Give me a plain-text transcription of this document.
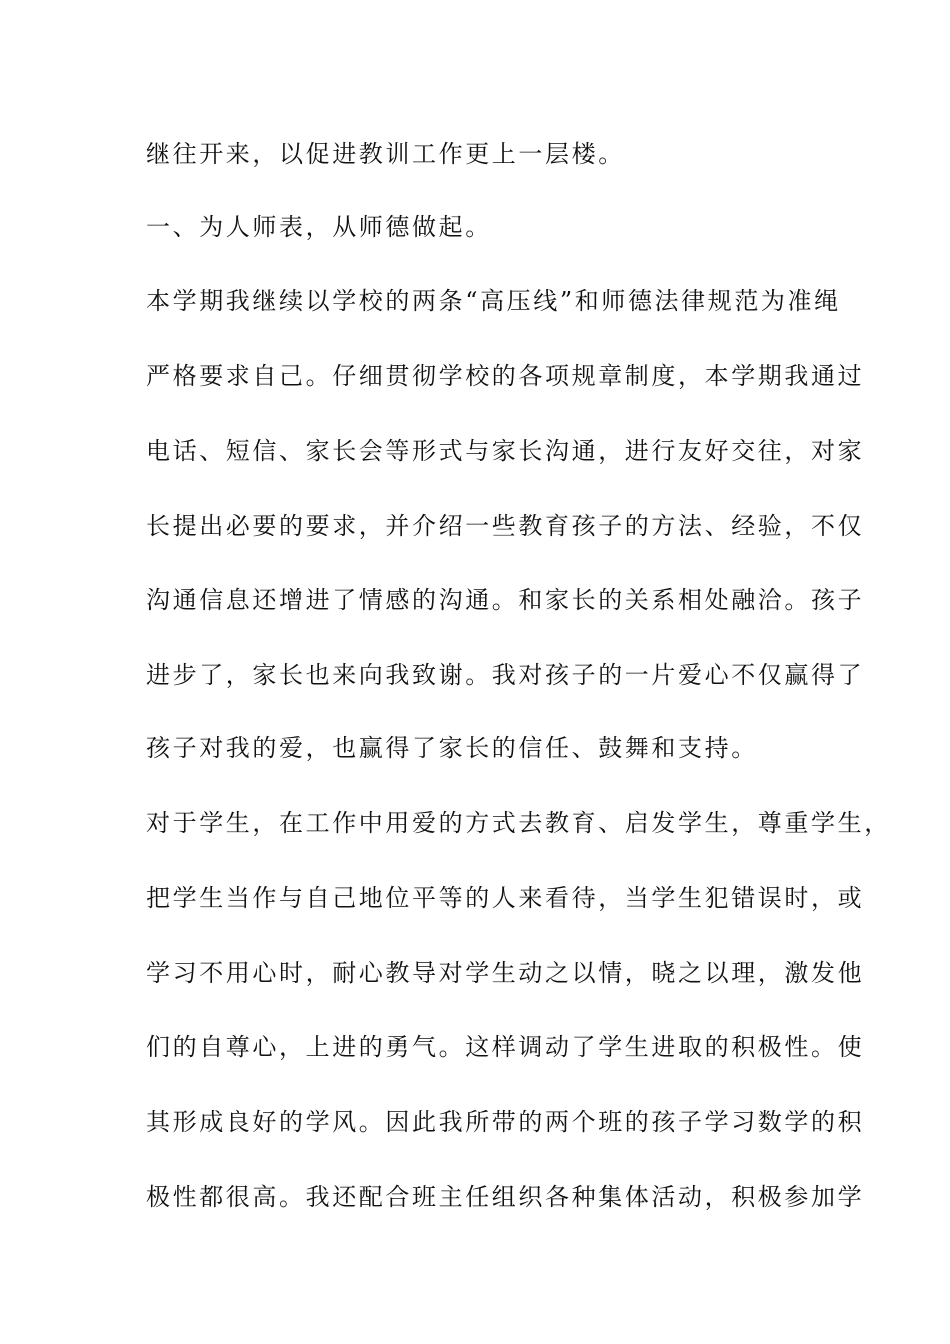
继往开来，以促进教训工作更上一层楼。
一、为人师表，从师德做起。
本学期我继续以学校的两条“高压线”和师德法律规范为准绳
严格要求自己。仔细贯彻学校的各项规章制度，本学期我通过
电话、短信、家长会等形式与家长沟通，进行友好交往，对家
长提出必要的要求，并介绍一些教育孩子的方法、经验，不仅
沟通信息还增进了情感的沟通。和家长的关系相处融洽。孩子
进步了，家长也来向我致谢。我对孩子的一片爱心不仅赢得了
孩子对我的爱，也赢得了家长的信任、鼓舞和支持。
对于学生，在工作中用爱的方式去教育、启发学生，尊重学生，
把学生当作与自己地位平等的人来看待，当学生犯错误时，或
学习不用心时，耐心教导对学生动之以情，晓之以理，激发他
们的自尊心，上进的勇气。这样调动了学生进取的积极性。使
其形成良好的学风。因此我所带的两个班的孩子学习数学的积
极性都很高。我还配合班主任组织各种集体活动，积极参加学
